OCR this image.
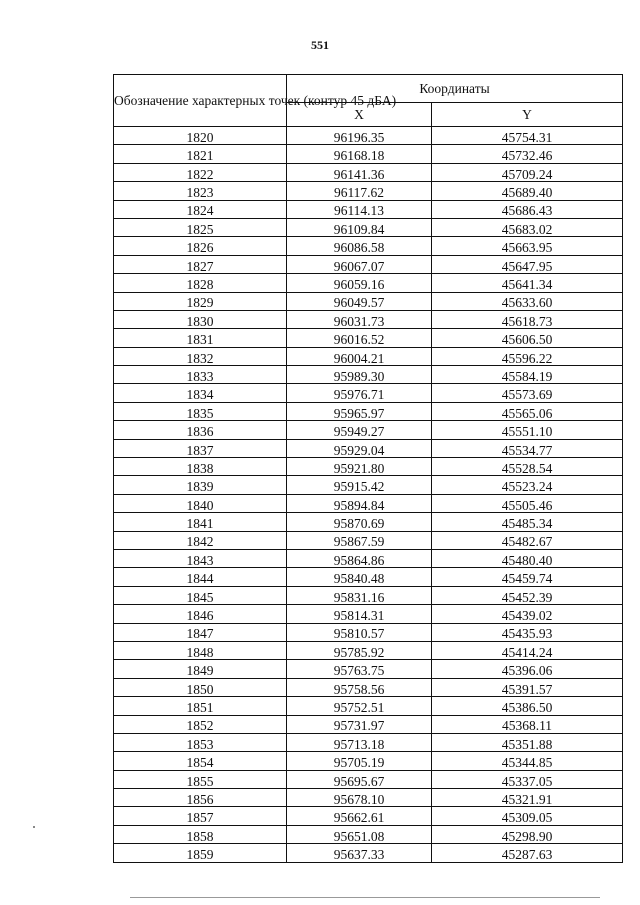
551
Обозначение характерных точек (контур 45 дБА)	Координаты	
	X	Y
1820	96196.35	45754.31
1821	96168.18	45732.46
1822	96141.36	45709.24
1823	96117.62	45689.40
1824	96114.13	45686.43
1825	96109.84	45683.02
1826	96086.58	45663.95
1827	96067.07	45647.95
1828	96059.16	45641.34
1829	96049.57	45633.60
1830	96031.73	45618.73
1831	96016.52	45606.50
1832	96004.21	45596.22
1833	95989.30	45584.19
1834	95976.71	45573.69
1835	95965.97	45565.06
1836	95949.27	45551.10
1837	95929.04	45534.77
1838	95921.80	45528.54
1839	95915.42	45523.24
1840	95894.84	45505.46
1841	95870.69	45485.34
1842	95867.59	45482.67
1843	95864.86	45480.40
1844	95840.48	45459.74
1845	95831.16	45452.39
1846	95814.31	45439.02
1847	95810.57	45435.93
1848	95785.92	45414.24
1849	95763.75	45396.06
1850	95758.56	45391.57
1851	95752.51	45386.50
1852	95731.97	45368.11
1853	95713.18	45351.88
1854	95705.19	45344.85
1855	95695.67	45337.05
1856	95678.10	45321.91
1857	95662.61	45309.05
1858	95651.08	45298.90
1859	95637.33	45287.63
